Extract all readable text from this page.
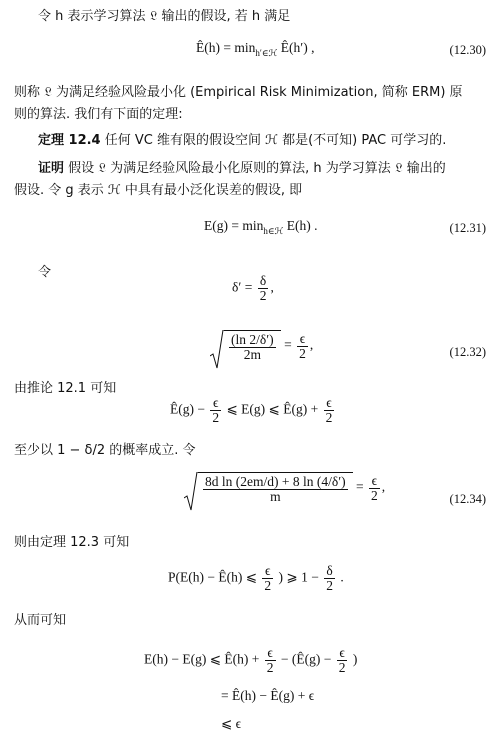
令 h 表示学习算法 𝔏 输出的假设, 若 h 满足
Ê(h) = $\min_{h'\in ℋ}$ Ê(h′) ,	(12.30)
则称 𝔏 为满足经验风险最小化 (Empirical Risk Minimization, 简称 ERM) 原
则的算法. 我们有下面的定理:
定理 12.4 任何 VC 维有限的假设空间 ℋ 都是(不可知) PAC 可学习的.
证明 假设 𝔏 为满足经验风险最小化原则的算法, h 为学习算法 𝔏 输出的
假设. 令 g 表示 ℋ 中具有最小泛化误差的假设, 即
$E(g) = \min_{h\in ℋ} E(h)$ .	(12.31)
令
$\delta' = \frac{\delta}{2}$ ,
$\frac{(\ln 2/\delta')}{2m} = \frac{\epsilon}{2}$ ,	(12.32)
由推论 12.1 可知
Ê(g) − $\frac{\epsilon}{2}$ ⩽ E(g) ⩽ Ê(g) + $\frac{\epsilon}{2}$
至少以 1 − δ/2 的概率成立. 令
$\frac{\text{8d ln (2em/d) + 8 ln (4/δ′)}}{m} = \frac{\epsilon}{2}$ ,
(12.34)
则由定理 12.3 可知
P(E(h) − Ê(h) ⩽ $\frac{\epsilon}{2}$ ) ⩾ $1 - \frac{\delta}{2}$ .
从而可知
E(h) − E(g) ⩽ Ê(h) + $\frac{\epsilon}{2}$ − (Ê(g) − $\frac{\epsilon}{2}$ )
= Ê(h) − Ê(g) + ϵ
⩽ ϵ
